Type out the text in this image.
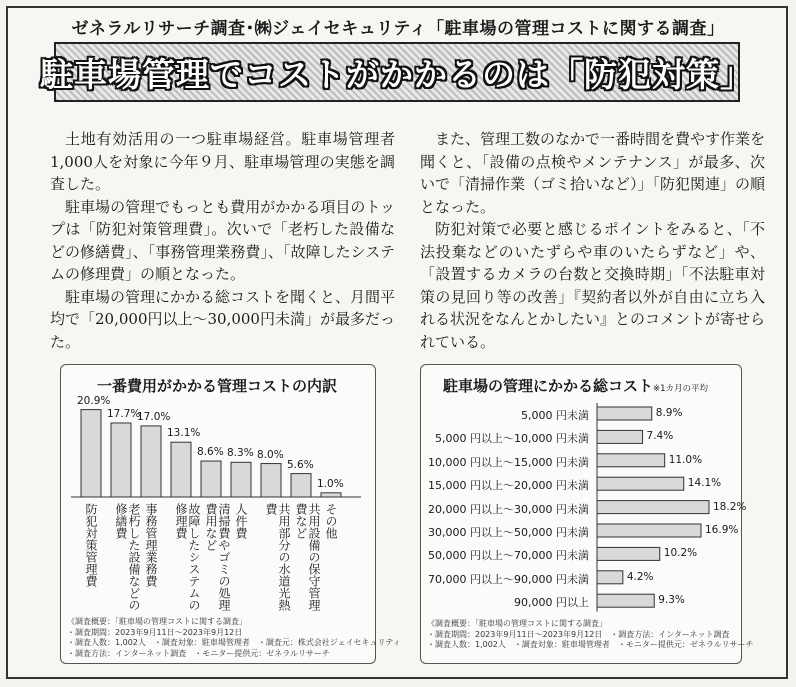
ゼネラルリサーチ調査･㈱ジェイセキュリティ「駐車場の管理コストに関する調査」
駐車場管理でコストがかかるのは「防犯対策」

土地有効活用の一つ駐車場経営。駐車場管理者1,000人を対象に今年９月、駐車場管理の実態を調査した。

駐車場の管理でもっとも費用がかかる項目のトップは「防犯対策管理費」。次いで「老朽した設備などの修繕費」、「事務管理業務費」、「故障したシステムの修理費」の順となった。

駐車場の管理にかかる総コストを聞くと、月間平均で「20,000円以上〜30,000円未満」が最多だった。

また、管理工数のなかで一番時間を費やす作業を聞くと、「設備の点検やメンテナンス」が最多、次いで「清掃作業（ゴミ拾いなど）」「防犯関連」の順となった。

防犯対策で必要と感じるポイントをみると、「不法投棄などのいたずらや車のいたらずなど」や、「設置するカメラの台数と交換時期」「不法駐車対策の見回り等の改善」『契約者以外が自由に立ち入れる状況をなんとかしたい』とのコメントが寄せられている。

一番費用がかかる管理コストの内訳
《調査概要：「駐車場の管理コストに関する調査」
・調査期間：2023年9月11日〜2023年9月12日
・調査人数：1,002人　・調査対象：駐車場管理者　・調査元：株式会社ジェイセキュリティ
・調査方法：インターネット調査　・モニター提供元：ゼネラルリサーチ
20.9%
防犯対策管理費
17.7%
老朽した設備などの修繕費
17.0%
事務管理業務費
13.1%
故障したシステムの修理費
8.6%
清掃費やゴミの処理費用など
8.3%
人件費
8.0%
共用部分の水道光熱費
5.6%
共用設備の保守管理費など
1.0%
その他
駐車場の管理にかかる総コスト※1カ月の平均
《調査概要：「駐車場の管理コストに関する調査」
・調査期間：2023年9月11日〜2023年9月12日　・調査方法：インターネット調査
・調査人数：1,002人　・調査対象：駐車場管理者　・モニター提供元：ゼネラルリサーチ
8.9%
5,000 円未満
7.4%
5,000 円以上〜10,000 円未満
11.0%
10,000 円以上〜15,000 円未満
14.1%
15,000 円以上〜20,000 円未満
18.2%
20,000 円以上〜30,000 円未満
16.9%
30,000 円以上〜50,000 円未満
10.2%
50,000 円以上〜70,000 円未満
4.2%
70,000 円以上〜90,000 円未満
9.3%
90,000 円以上
